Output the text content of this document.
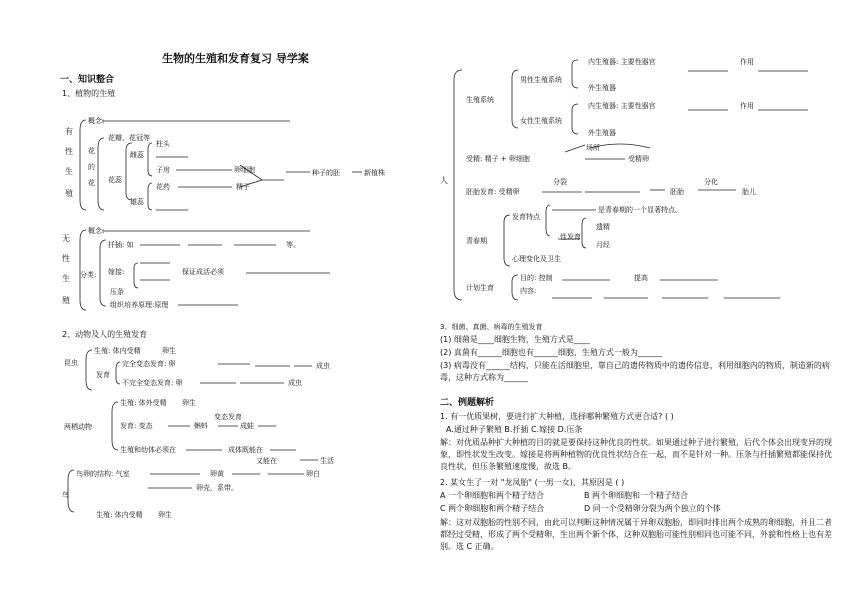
生物的生殖和发育复习 导学案
一、知识整合
1、植物的生殖
有
性
生
殖
概念:
花
的
花
花瓣、花冠等
花蕊
雌蕊
雄蕊
柱头
子房	卵细胞
花药	精子
种子的胚	新植株
无
性
生
殖
概念:
扦插: 如	等。
分类: 嫁接:	保证成活必须
压条
组织培养原理:原理
2、动物及人的生殖发育
昆虫
生殖: 体内受精	卵生
发育
完全变态发育: 卵	成虫
不完全变态发育: 卵	成虫
两栖动物
生殖: 体外受精 卵生
变态发育
发育: 变态	蝌蚪	成蛙
生殖和幼体必须在	成体既能在
又能在	生活
鸟
鸟卵的结构: 气室	卵黄	卵白
卵壳、系带。
生殖: 体内受精 卵生
人
生殖系统
男性生殖系统
内生殖器: 主要性器官	作用
外生殖器
女性生殖系统
内生殖器: 主要性器官	作用
外生殖器
受精: 精子 + 卵细胞
场所
受精卵
胚胎发育: 受精卵
分裂
胚胎
分化
胎儿
青春期
发育特点
是青春期的一个显著特点。
性发育
遗精
月经
心理变化及卫生
计划生育
目的: 控制	提高
内容:
3、细菌、真菌、病毒的生殖发育
(1) 细菌是____细胞生物，生殖方式是____
(2) 真菌有______细胞也有______细胞，生殖方式一般为______
(3) 病毒没有______结构，只能在活细胞里，靠自己的遗传物质中的遗传信息，利用细胞内的物质，制造新的病毒，这种方式称为______
二、例题解析
1. 有一优质果树，要进行扩大种植，选择哪种繁殖方式更合适? ( )
A.通过种子繁殖 B.扦插 C.嫁接 D.压条
解：对优质品种扩大种植的目的就是要保持这种优良的性状。如果通过种子进行繁殖，后代个体会出现变异的现象，即性状发生改变。嫁接是将两种植物的优良性状结合在一起，而不是针对一种。压条与扦插繁殖都能保持优良性状，但压条繁殖速度慢，故选 B。
2. 某女生了一对 "龙凤胎" (一男一女)，其原因是 ( )
A 一个卵细胞和两个精子结合	B 两个卵细胞和一个精子结合
C 两个卵细胞和两个精子结合	D 同一个受精卵分裂为两个独立的个体
解：这对双胞胎的性别不同，由此可以判断这种情况属于异卵双胞胎，即同时排出两个成熟的卵细胞，并且二者都经过受精，形成了两个受精卵，生出两个新个体，这种双胞胎可能性别相同也可能不同，外貌和性格上也有差别。选 C 正确。
